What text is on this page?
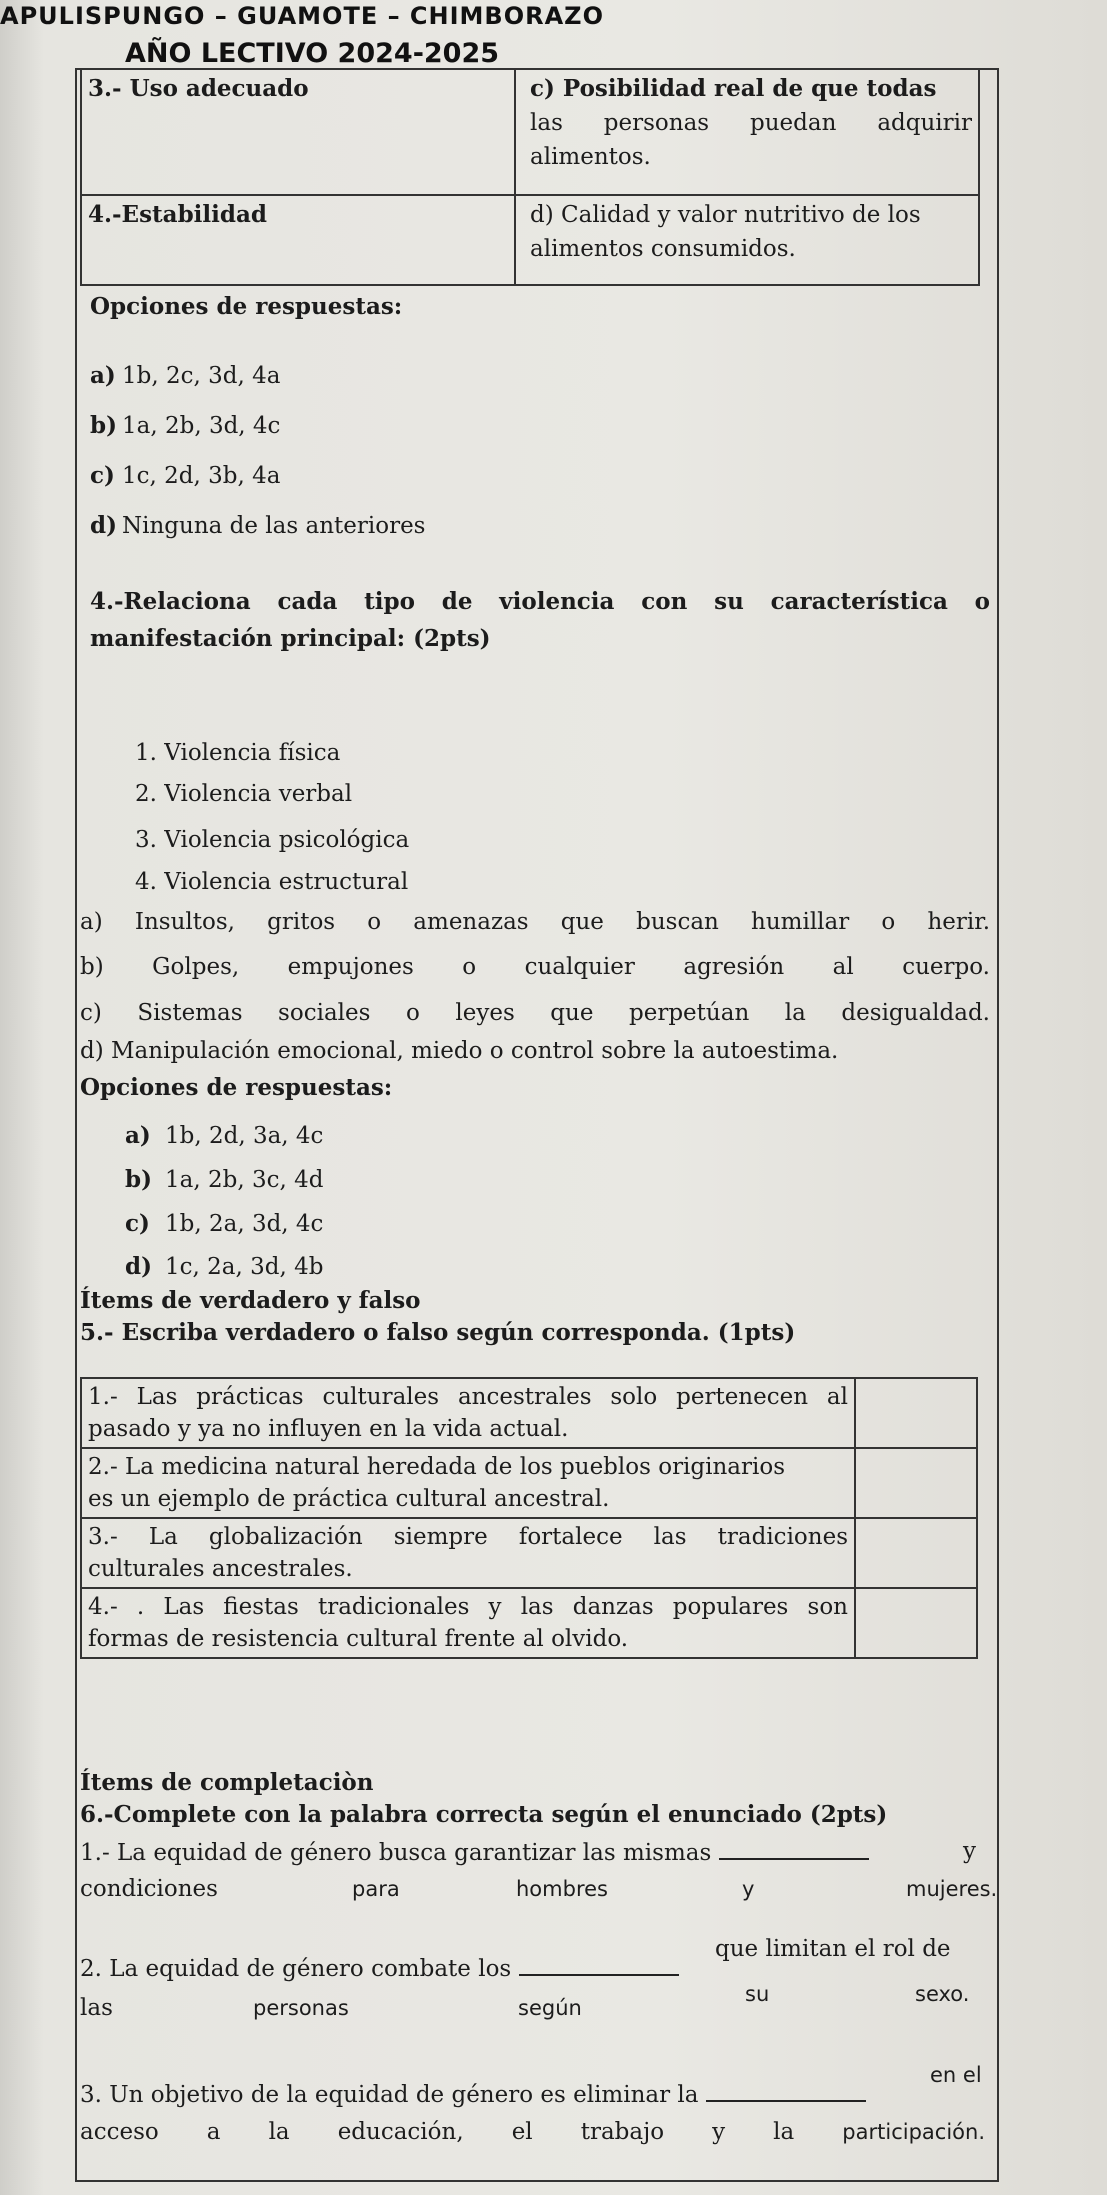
APULISPUNGO – GUAMOTE – CHIMBORAZO
AÑO LECTIVO 2024-2025
3.- Uso adecuado	c) Posibilidad real de que todas
las personas puedan adquirir
alimentos.

4.-Estabilidad	d) Calidad y valor nutritivo de los
alimentos consumidos.
Opciones de respuestas:
a) 1b, 2c, 3d, 4a
b) 1a, 2b, 3d, 4c
c) 1c, 2d, 3b, 4a
d) Ninguna de las anteriores
4.-Relaciona cada tipo de violencia con su característica o
manifestación principal: (2pts)
1. Violencia física
2. Violencia verbal
3. Violencia psicológica
4. Violencia estructural
a) Insultos, gritos o amenazas que buscan humillar o herir.
b) Golpes, empujones o cualquier agresión al cuerpo.
c) Sistemas sociales o leyes que perpetúan la desigualdad.
d) Manipulación emocional, miedo o control sobre la autoestima.
Opciones de respuestas:
a) 1b, 2d, 3a, 4c
b) 1a, 2b, 3c, 4d
c) 1b, 2a, 3d, 4c
d) 1c, 2a, 3d, 4b
Ítems de verdadero y falso
5.- Escriba verdadero o falso según corresponda. (1pts)
1.- Las prácticas culturales ancestrales solo pertenecen al
pasado y ya no influyen en la vida actual.	

2.- La medicina natural heredada de los pueblos originarios
es un ejemplo de práctica cultural ancestral.	

3.- La globalización siempre fortalece las tradiciones
culturales ancestrales.	

4.- . Las fiestas tradicionales y las danzas populares son
formas de resistencia cultural frente al olvido.	

Ítems de completaciòn
6.-Complete con la palabra correcta según el enunciado (2pts)
1.- La equidad de género busca garantizar las mismas	y
condiciones	para	hombres	y	mujeres.
2. La equidad de género combate los
que limitan el rol de
las	personas	según
su	sexo.
3. Un objetivo de la equidad de género es eliminar la
en el
acceso a la educación, el trabajo y la participación.
